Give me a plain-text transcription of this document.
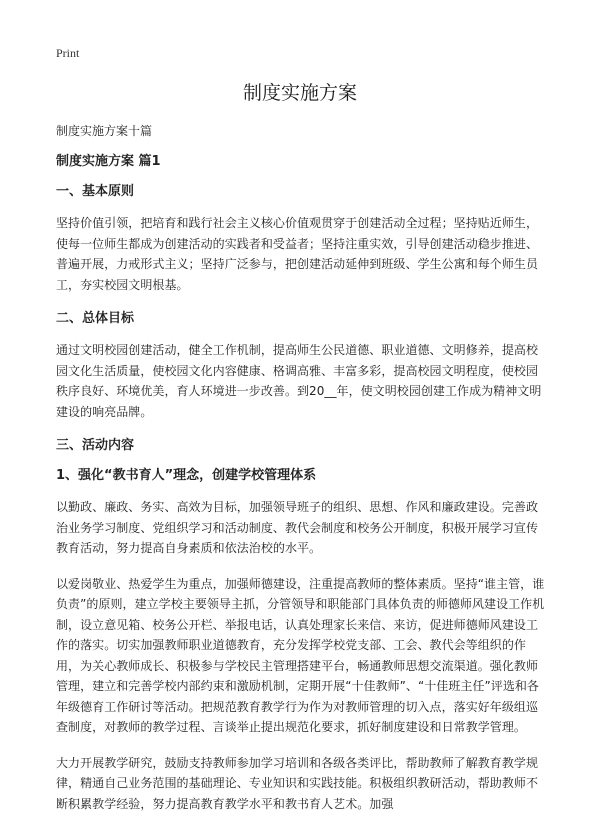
Print
制度实施方案
制度实施方案十篇
制度实施方案 篇1
一、基本原则
坚持价值引领，把培育和践行社会主义核心价值观贯穿于创建活动全过程；坚持贴近师生，使每一位师生都成为创建活动的实践者和受益者；坚持注重实效，引导创建活动稳步推进、普遍开展，力戒形式主义；坚持广泛参与，把创建活动延伸到班级、学生公寓和每个师生员工，夯实校园文明根基。
二、总体目标
通过文明校园创建活动，健全工作机制，提高师生公民道德、职业道德、文明修养，提高校园文化生活质量，使校园文化内容健康、格调高雅、丰富多彩，提高校园文明程度，使校园秩序良好、环境优美，育人环境进一步改善。到20__年，使文明校园创建工作成为精神文明建设的响亮品牌。
三、活动内容
1、强化“教书育人”理念，创建学校管理体系
以勤政、廉政、务实、高效为目标，加强领导班子的组织、思想、作风和廉政建设。完善政治业务学习制度、党组织学习和活动制度、教代会制度和校务公开制度，积极开展学习宣传教育活动，努力提高自身素质和依法治校的水平。
以爱岗敬业、热爱学生为重点，加强师德建设，注重提高教师的整体素质。坚持“谁主管，谁负责”的原则，建立学校主要领导主抓，分管领导和职能部门具体负责的师德师风建设工作机制，设立意见箱、校务公开栏、举报电话，认真处理家长来信、来访，促进师德师风建设工作的落实。切实加强教师职业道德教育，充分发挥学校党支部、工会、教代会等组织的作用，为关心教师成长、积极参与学校民主管理搭建平台，畅通教师思想交流渠道。强化教师管理，建立和完善学校内部约束和激励机制，定期开展“十佳教师”、“十佳班主任”评选和各年级德育工作研讨等活动。把规范教育教学行为作为对教师管理的切入点，落实好年级组巡查制度，对教师的教学过程、言谈举止提出规范化要求，抓好制度建设和日常教学管理。
大力开展教学研究，鼓励支持教师参加学习培训和各级各类评比，帮助教师了解教育教学规律，精通自己业务范围的基础理论、专业知识和实践技能。积极组织教研活动，帮助教师不断积累教学经验，努力提高教育教学水平和教书育人艺术。加强
